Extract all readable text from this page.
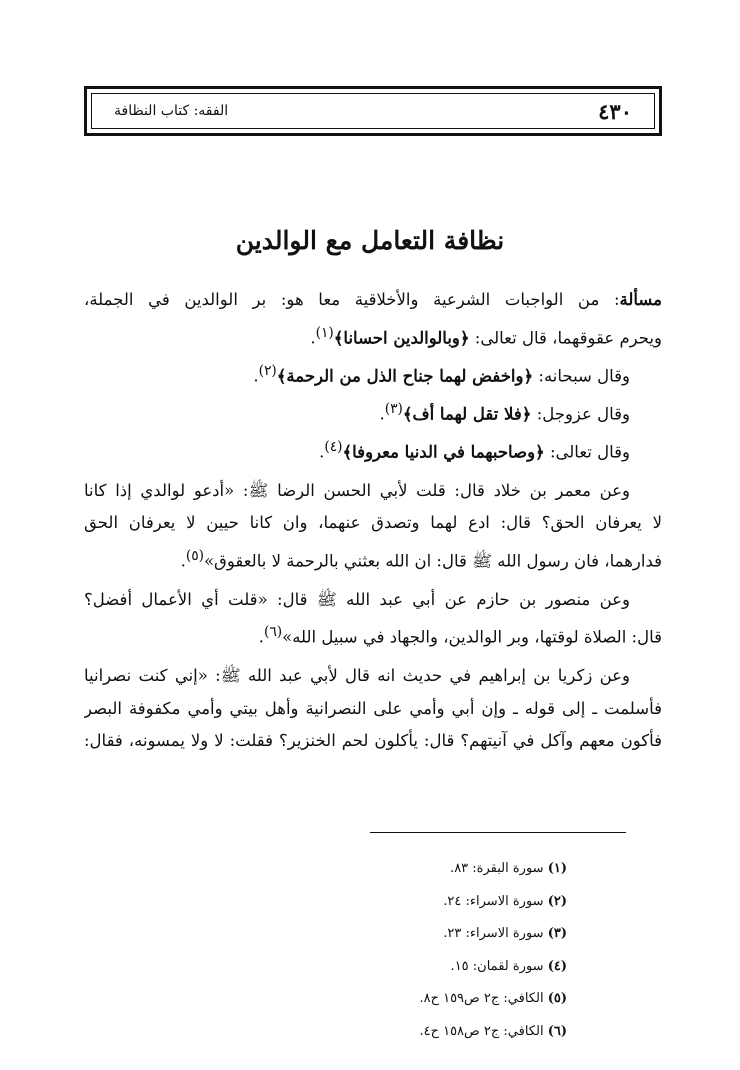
٤٣٠
الفقه: كتاب النظافة
نظافة التعامل مع الوالدين
مسألة: من الواجبات الشرعية والأخلاقية معا هو: بر الوالدين في الجملة،
ويحرم عقوقهما، قال تعالى: ﴿وبالوالدين احسانا﴾$^{(١)}$.
وقال سبحانه: ﴿واخفض لهما جناح الذل من الرحمة﴾$^{(٢)}$.
وقال عزوجل: ﴿فلا تقل لهما أف﴾$^{(٣)}$.
وقال تعالى: ﴿وصاحبهما في الدنيا معروفا﴾$^{(٤)}$.
وعن معمر بن خلاد قال: قلت لأبي الحسن الرضا ﷺ: «أدعو لوالدي إذا كانا
لا يعرفان الحق؟ قال: ادع لهما وتصدق عنهما، وان كانا حيين لا يعرفان الحق
فدارهما، فان رسول الله ﷺ قال: ان الله بعثني بالرحمة لا بالعقوق»$^{(٥)}$.
وعن منصور بن حازم عن أبي عبد الله ﷺ قال: «قلت أي الأعمال أفضل؟
قال: الصلاة لوقتها، وبر الوالدين، والجهاد في سبيل الله»$^{(٦)}$.
وعن زكريا بن إبراهيم في حديث انه قال لأبي عبد الله ﷺ: «إني كنت نصرانيا
فأسلمت ـ إلى قوله ـ وإن أبي وأمي على النصرانية وأهل بيتي وأمي مكفوفة البصر
فأكون معهم وآكل في آنيتهم؟ قال: يأكلون لحم الخنزير؟ فقلت: لا ولا يمسونه، فقال:
(١) سورة البقرة: ٨٣.
(٢) سورة الاسراء: ٢٤.
(٣) سورة الاسراء: ٢٣.
(٤) سورة لقمان: ١٥.
(٥) الكافي: ج٢ ص١٥٩ ح٨.
(٦) الكافي: ج٢ ص١٥٨ ح٤.
